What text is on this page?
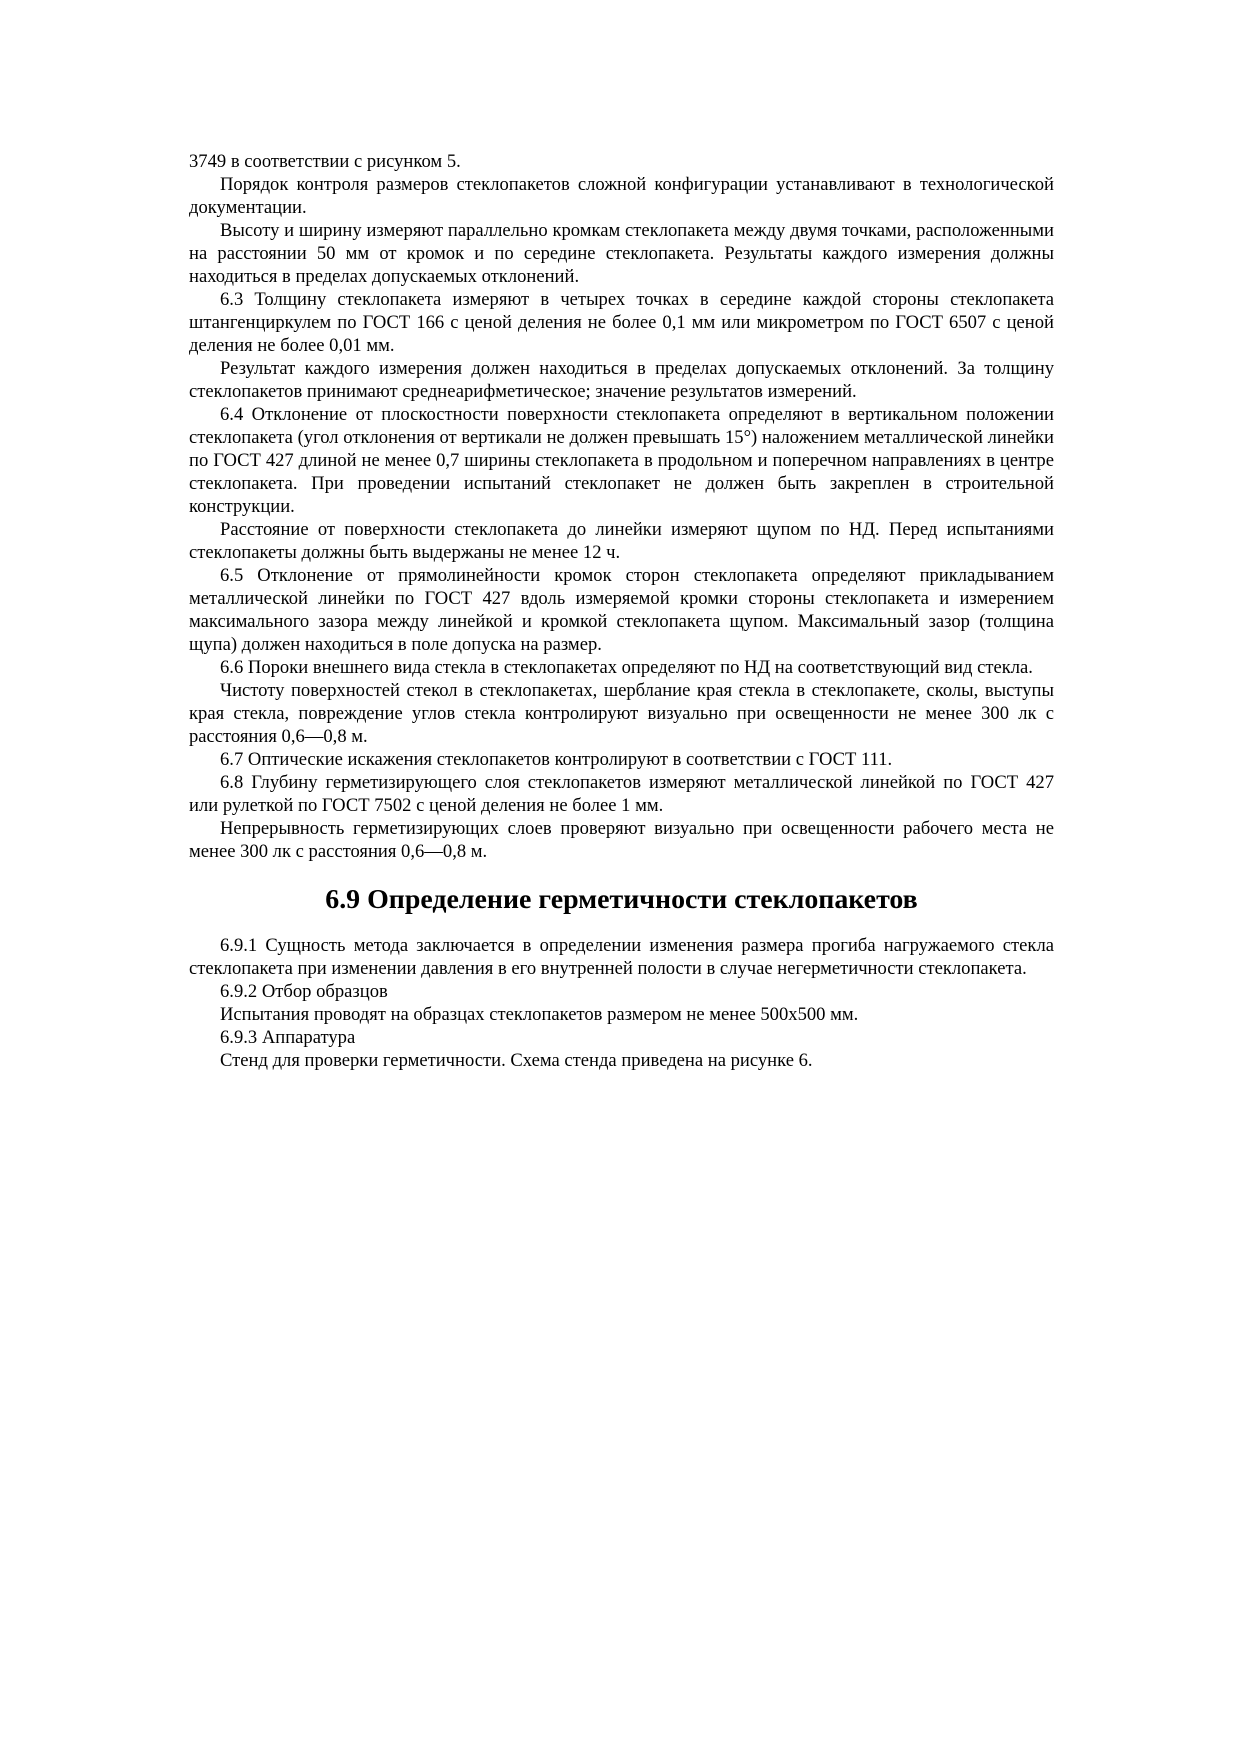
3749 в соответствии с рисунком 5.

Порядок контроля размеров стеклопакетов сложной конфигурации устанавливают в технологической документации.

Высоту и ширину измеряют параллельно кромкам стеклопакета между двумя точками, расположенными на расстоянии 50 мм от кромок и по середине стеклопакета. Результаты каждого измерения должны находиться в пределах допускаемых отклонений.

6.3 Толщину стеклопакета измеряют в четырех точках в середине каждой стороны стеклопакета штангенциркулем по ГОСТ 166 с ценой деления не более 0,1 мм или микрометром по ГОСТ 6507 с ценой деления не более 0,01 мм.

Результат каждого измерения должен находиться в пределах допускаемых отклонений. За толщину стеклопакетов принимают среднеарифметическое; значение результатов измерений.

6.4 Отклонение от плоскостности поверхности стеклопакета определяют в вертикальном положении стеклопакета (угол отклонения от вертикали не должен превышать 15°) наложением металлической линейки по ГОСТ 427 длиной не менее 0,7 ширины стеклопакета в продольном и поперечном направлениях в центре стеклопакета. При проведении испытаний стеклопакет не должен быть закреплен в строительной конструкции.

Расстояние от поверхности стеклопакета до линейки измеряют щупом по НД. Перед испытаниями стеклопакеты должны быть выдержаны не менее 12 ч.

6.5 Отклонение от прямолинейности кромок сторон стеклопакета определяют прикладыванием металлической линейки по ГОСТ 427 вдоль измеряемой кромки стороны стеклопакета и измерением максимального зазора между линейкой и кромкой стеклопакета щупом. Максимальный зазор (толщина щупа) должен находиться в поле допуска на размер.

6.6 Пороки внешнего вида стекла в стеклопакетах определяют по НД на соответствующий вид стекла.

Чистоту поверхностей стекол в стеклопакетах, шерблание края стекла в стеклопакете, сколы, выступы края стекла, повреждение углов стекла контролируют визуально при освещенности не менее 300 лк с расстояния 0,6—0,8 м.

6.7 Оптические искажения стеклопакетов контролируют в соответствии с ГОСТ 111.

6.8 Глубину герметизирующего слоя стеклопакетов измеряют металлической линейкой по ГОСТ 427 или рулеткой по ГОСТ 7502 с ценой деления не более 1 мм.

Непрерывность герметизирующих слоев проверяют визуально при освещенности рабочего места не менее 300 лк с расстояния 0,6—0,8 м.

6.9 Определение герметичности стеклопакетов

6.9.1 Сущность метода заключается в определении изменения размера прогиба нагружаемого стекла стеклопакета при изменении давления в его внутренней полости в случае негерметичности стеклопакета.

6.9.2 Отбор образцов

Испытания проводят на образцах стеклопакетов размером не менее 500х500 мм.

6.9.3 Аппаратура

Стенд для проверки герметичности. Схема стенда приведена на рисунке 6.
